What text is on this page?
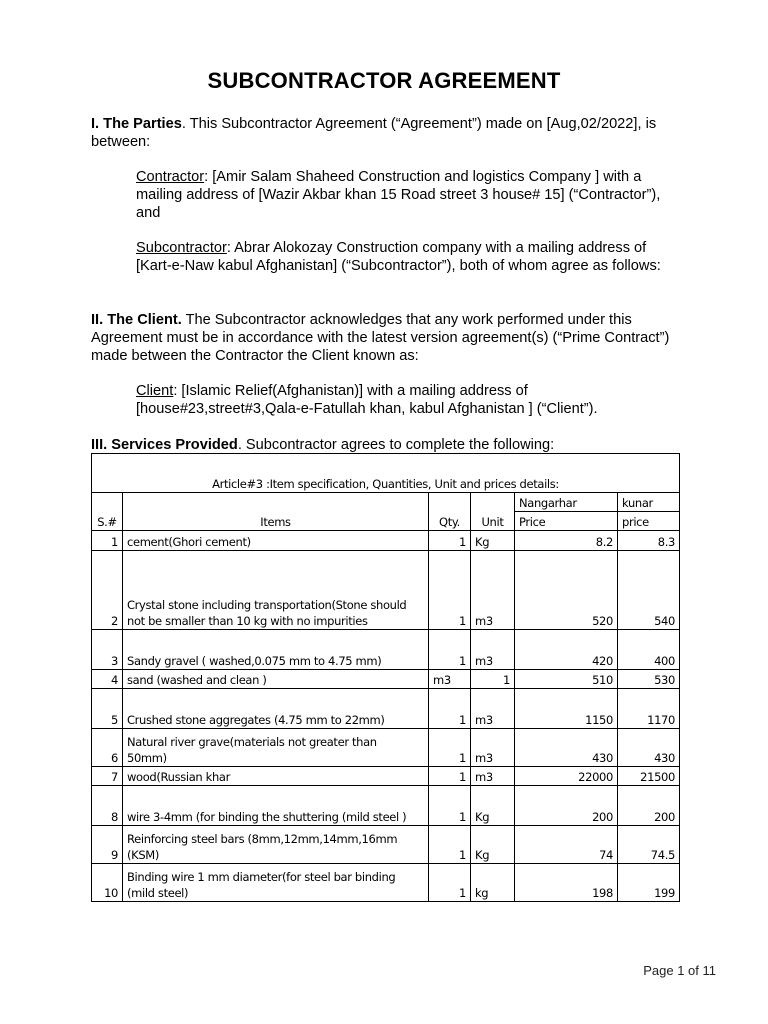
SUBCONTRACTOR AGREEMENT
I. The Parties. This Subcontractor Agreement (“Agreement”) made on [Aug,02/2022], is between:
Contractor: [Amir Salam Shaheed Construction and logistics Company ] with a mailing address of [Wazir Akbar khan 15 Road street 3 house# 15] (“Contractor”), and
Subcontractor: Abrar Alokozay Construction company with a mailing address of [Kart-e-Naw kabul Afghanistan] (“Subcontractor”), both of whom agree as follows:
II. The Client. The Subcontractor acknowledges that any work performed under this Agreement must be in accordance with the latest version agreement(s) (“Prime Contract”) made between the Contractor the Client known as:
Client: [Islamic Relief(Afghanistan)] with a mailing address of [house#23,street#3,Qala-e-Fatullah khan, kabul Afghanistan ] (“Client”).
III. Services Provided. Subcontractor agrees to complete the following:
Article#3 :Item specification, Quantities, Unit and prices details:					
S.#	Items	Qty.	Unit	Nangarhar	kunar
				Price	price
1	cement(Ghori cement)	1	Kg	8.2	8.3
2	Crystal stone including transportation(Stone should
not be smaller than 10 kg with no impurities	1	m3	520	540
3	Sandy gravel ( washed,0.075 mm to 4.75 mm)	1	m3	420	400
4	sand (washed and clean )	m3	1	510	530
5	Crushed stone aggregates (4.75 mm to 22mm)	1	m3	1150	1170
6	Natural river grave(materials not greater than
50mm)	1	m3	430	430
7	wood(Russian khar	1	m3	22000	21500
8	wire 3-4mm (for binding the shuttering (mild steel )	1	Kg	200	200
9	Reinforcing steel bars (8mm,12mm,14mm,16mm
(KSM)	1	Kg	74	74.5
10	Binding wire 1 mm diameter(for steel bar binding
(mild steel)	1	kg	198	199
Page 1 of 11
